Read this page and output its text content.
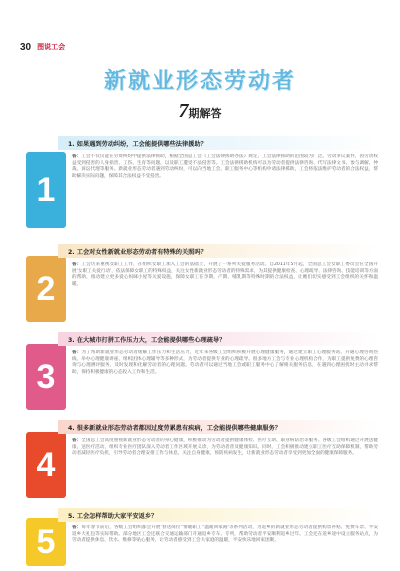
30 图说工会
新就业形态劳动者
7期解答
1
1. 如果遇到劳动纠纷，工会能提供哪些法律援助？
答：工会不仅仅能在劳资纠纷中提供法律援助，根据全国总工会《工会法律援助办法》规定，工会法律援助的范围较为广泛。劳动争议案件，因劳动权益受到侵害的人身损害、工伤、生育等问题，以及职工遭受不法侵害等。工会法律援助机构可以为劳动者提供法律咨询、代写法律文书、参与调解、仲裁、诉讼代理等服务。新就业形态劳动者遇到劳动纠纷，可以向当地工会、职工服务中心等机构申请法律援助，工会将依法维护劳动者的合法权益，帮助解决实际问题，保障其合法权益不受侵害。
2
2. 工会对女性新就业形态劳动者有特殊的关照吗？
答：工会历来重视女职工工作，在组织女职工加入工会的基础上，开展了一系列关爱服务活动。自2011年5月起，全国总工会女职工委员会在全国开展'女职工关爱行动'，依法保障女职工的特殊权益，关注女性新就业形态劳动者的特殊需求，为其提供健康检查、心理疏导、法律咨询、技能培训等方面的帮助，推动建立更多爱心妈咪小屋等关爱设施，保障女职工在孕期、产期、哺乳期等特殊时期的合法权益，让她们切实感受到工会组织的关怀和温暖。
3
3. 在大城市打拼工作压力大，工会能提供哪些心理疏导？
答：为了帮助新就业形态劳动者缓解工作压力和生活压力，近年来各级工会组织积极开展心理健康服务，通过建立职工心理服务站、开通心理咨询热线、举办心理健康讲座、组织团体心理辅导等多种形式，为劳动者提供专业的心理疏导。很多地方工会与专业心理机构合作，为职工提供免费的心理咨询与心理测评服务，及时发现和化解劳动者的心理问题。劳动者可以通过当地工会或职工服务中心了解相关服务信息，在遇到心理困扰时主动寻求帮助，保持积极健康的心态投入工作和生活。
4
4. 很多新就业形态劳动者都因过度劳累患有疾病，工会能提供哪些健康服务？
答：全国总工会高度重视新就业形态劳动者的身心健康，积极推动为劳动者提供健康体检、医疗互助、职业病防治等服务。各级工会组织通过开展送健康、送医疗活动，组织专业医疗团队深入劳动者工作区域开展义诊，为劳动者普及健康知识。同时，工会积极推动建立职工医疗互助保障机制，帮助劳动者减轻医疗负担，引导劳动者合理安排工作与休息，关注自身健康，预防疾病发生，让新就业形态劳动者享受到更加全面的健康保障服务。
5
5. 工会怎样帮助大家平安返乡？
答：每年春节前后，各级工会组织都会开展'春送岗位''情暖职工''温暖回家路'等系列活动，为返乡的新就业形态劳动者提供购票补贴、免费车票、平安返乡大礼包等实际帮助。部分地区工会还联合交通运输部门开通返乡专车、专列，帮助劳动者平安顺利返乡过年。工会还在返乡途中设立服务站点，为劳动者提供休息、饮水、维修等贴心服务，让劳动者感受到工会大家庭的温暖，平安快乐地回家团聚。
